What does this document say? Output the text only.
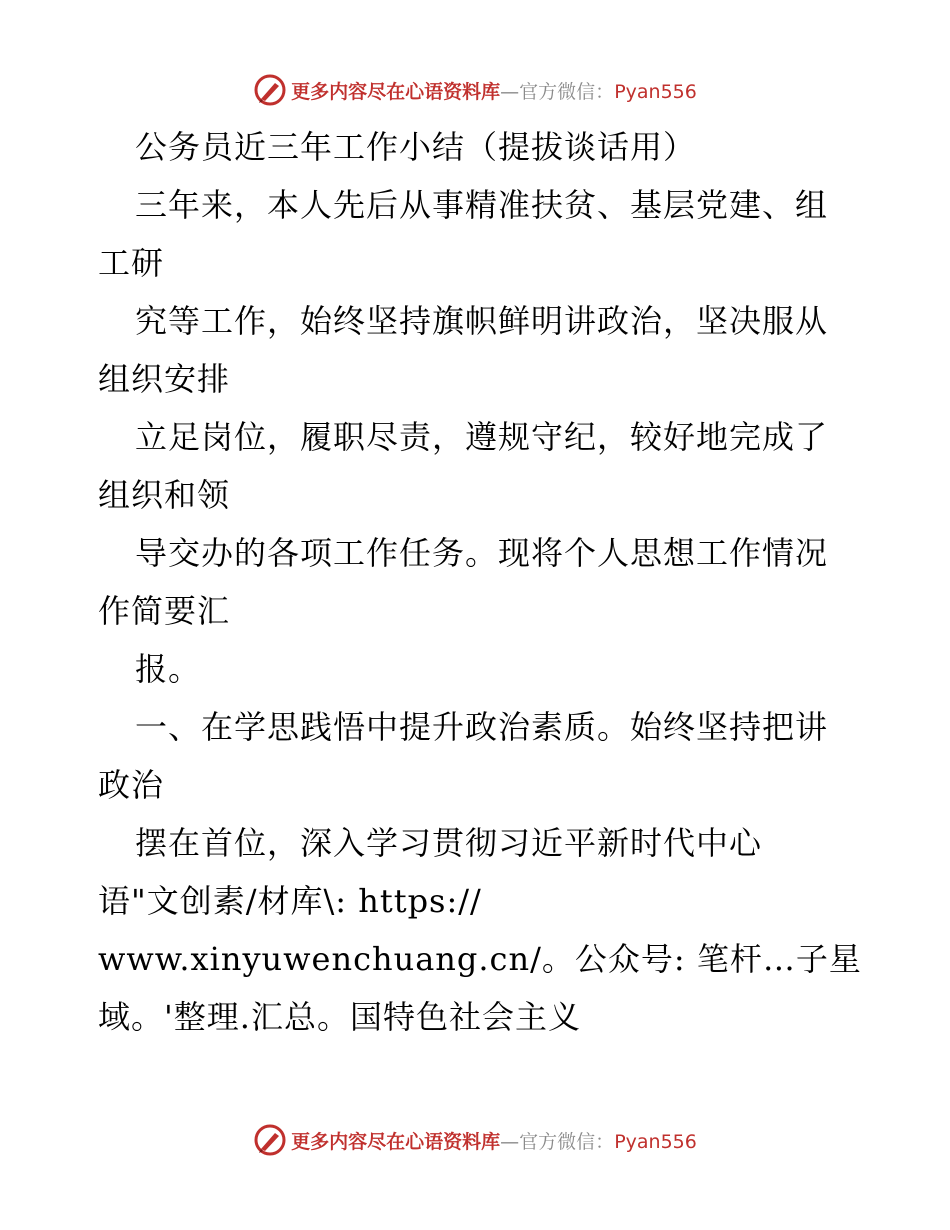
更多内容尽在心语资料库—官方微信：Pyan556
公务员近三年工作小结（提拔谈话用）
三年来，本人先后从事精准扶贫、基层党建、组
工研
究等工作，始终坚持旗帜鲜明讲政治，坚决服从
组织安排
立足岗位，履职尽责，遵规守纪，较好地完成了
组织和领
导交办的各项工作任务。现将个人思想工作情况
作简要汇
报。
一、在学思践悟中提升政治素质。始终坚持把讲
政治
摆在首位，深入学习贯彻习近平新时代中心
语"文创素/材库\: https://
www.xinyuwenchuang.cn/。公众号: 笔杆…子星
域。'整理.汇总。国特色社会主义
更多内容尽在心语资料库—官方微信：Pyan556
